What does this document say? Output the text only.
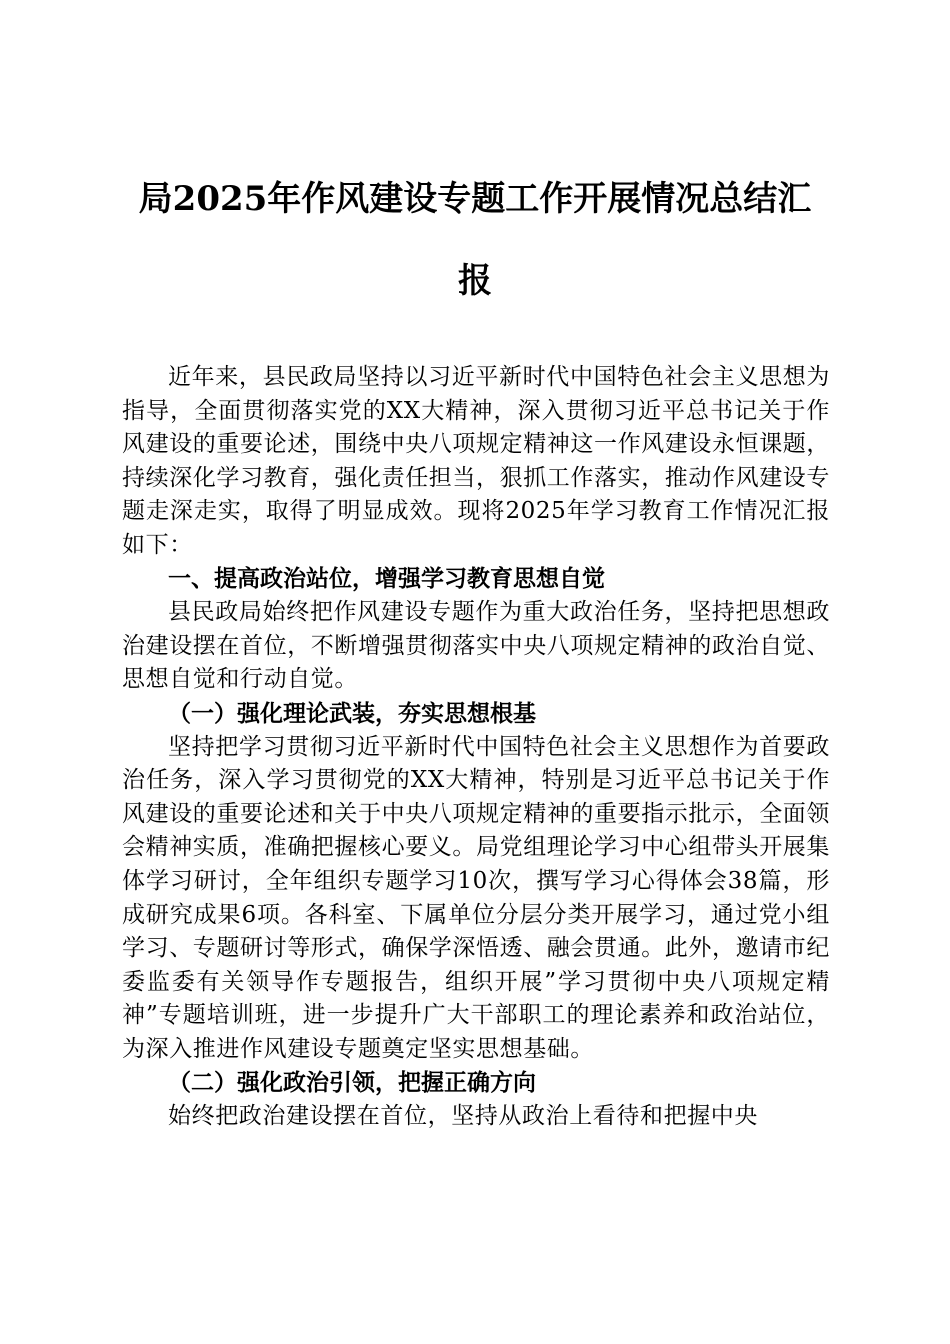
局2025年作风建设专题工作开展情况总结汇
报

近年来，县民政局坚持以习近平新时代中国特色社会主义思想为指导，全面贯彻落实党的XX大精神，深入贯彻习近平总书记关于作风建设的重要论述，围绕中央八项规定精神这一作风建设永恒课题，持续深化学习教育，强化责任担当，狠抓工作落实，推动作风建设专题走深走实，取得了明显成效。现将2025年学习教育工作情况汇报如下：

一、提高政治站位，增强学习教育思想自觉

县民政局始终把作风建设专题作为重大政治任务，坚持把思想政治建设摆在首位，不断增强贯彻落实中央八项规定精神的政治自觉、思想自觉和行动自觉。

（一）强化理论武装，夯实思想根基

坚持把学习贯彻习近平新时代中国特色社会主义思想作为首要政治任务，深入学习贯彻党的XX大精神，特别是习近平总书记关于作风建设的重要论述和关于中央八项规定精神的重要指示批示，全面领会精神实质，准确把握核心要义。局党组理论学习中心组带头开展集体学习研讨，全年组织专题学习10次，撰写学习心得体会38篇，形成研究成果6项。各科室、下属单位分层分类开展学习，通过党小组学习、专题研讨等形式，确保学深悟透、融会贯通。此外，邀请市纪委监委有关领导作专题报告，组织开展”学习贯彻中央八项规定精神”专题培训班，进一步提升广大干部职工的理论素养和政治站位，为深入推进作风建设专题奠定坚实思想基础。

（二）强化政治引领，把握正确方向

始终把政治建设摆在首位，坚持从政治上看待和把握中央
